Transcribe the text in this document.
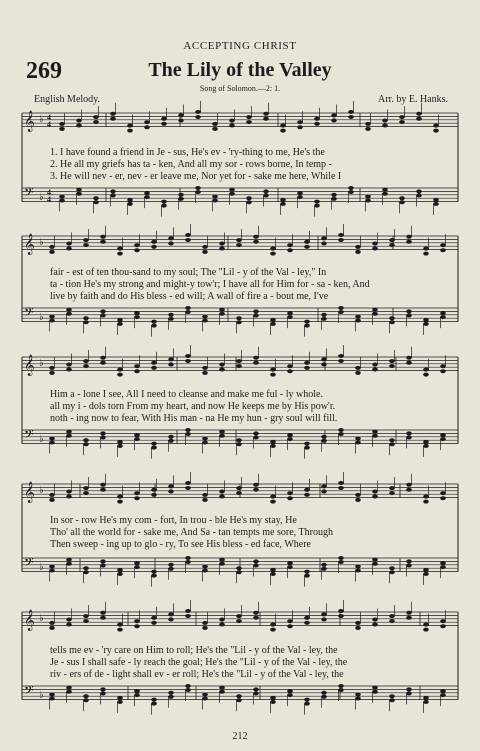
ACCEPTING CHRIST
269	The Lily of the Valley
Song of Solomon.—2: 1.
English Melody.	Arr. by E. Hanks.
𝄞 ♭ 4
4
𝄢 ♭ 4
4
𝄞 ♭
𝄢 ♭
𝄞 ♭
𝄢 ♭
𝄞 ♭
𝄢 ♭
𝄞 ♭
𝄢 ♭
1. I have found a friend in Je - sus, He's ev - 'ry-thing to me, He's the
2. He all my griefs has ta - ken, And all my sor - rows borne, In temp -
3. He will nev - er, nev - er leave me, Nor yet for - sake me here, While I
fair - est of ten thou-sand to my soul; The "Lil - y of the Val - ley," In
ta - tion He's my strong and might-y tow'r; I have all for Him for - sa - ken, And
live by faith and do His bless - ed will; A wall of fire a - bout me, I've
Him a - lone I see, All I need to cleanse and make me ful - ly whole.
all my i - dols torn From my heart, and now He keeps me by His pow'r.
noth - ing now to fear, With His man - na He my hun - gry soul will fill.
In sor - row He's my com - fort, In trou - ble He's my stay, He
Tho' all the world for - sake me, And Sa - tan tempts me sore, Through
Then sweep - ing up to glo - ry, To see His bless - ed face, Where
tells me ev - 'ry care on Him to roll; He's the "Lil - y of the Val - ley, the
Je - sus I shall safe - ly reach the goal; He's the "Lil - y of the Val - ley, the
riv - ers of de - light shall ev - er roll; He's the "Lil - y of the Val - ley, the
212
